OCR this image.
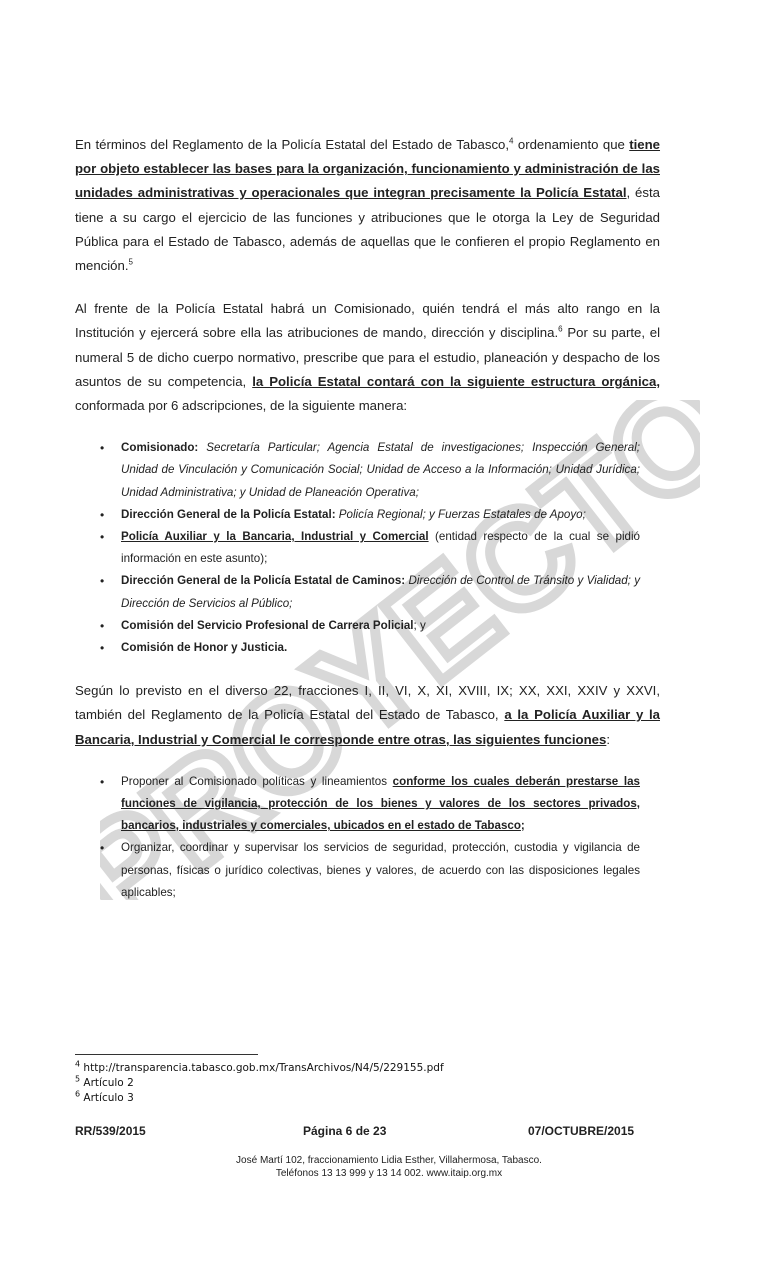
PROYECTO

En términos del Reglamento de la Policía Estatal del Estado de Tabasco,$^4$ ordenamiento que tiene por objeto establecer las bases para la organización, funcionamiento y administración de las unidades administrativas y operacionales que integran precisamente la Policía Estatal, ésta tiene a su cargo el ejercicio de las funciones y atribuciones que le otorga la Ley de Seguridad Pública para el Estado de Tabasco, además de aquellas que le confieren el propio Reglamento en mención.$^5$

Al frente de la Policía Estatal habrá un Comisionado, quién tendrá el más alto rango en la Institución y ejercerá sobre ella las atribuciones de mando, dirección y disciplina.$^6$ Por su parte, el numeral 5 de dicho cuerpo normativo, prescribe que para el estudio, planeación y despacho de los asuntos de su competencia, la Policía Estatal contará con la siguiente estructura orgánica, conformada por 6 adscripciones, de la siguiente manera:

• Comisionado: Secretaría Particular; Agencia Estatal de investigaciones; Inspección General; Unidad de Vinculación y Comunicación Social; Unidad de Acceso a la Información; Unidad Jurídica; Unidad Administrativa; y Unidad de Planeación Operativa;
• Dirección General de la Policía Estatal: Policía Regional; y Fuerzas Estatales de Apoyo;
• Policía Auxiliar y la Bancaria, Industrial y Comercial (entidad respecto de la cual se pidió información en este asunto);
• Dirección General de la Policía Estatal de Caminos: Dirección de Control de Tránsito y Vialidad; y Dirección de Servicios al Público;
• Comisión del Servicio Profesional de Carrera Policial; y
• Comisión de Honor y Justicia.

Según lo previsto en el diverso 22, fracciones I, II, VI, X, XI, XVIII, IX; XX, XXI, XXIV y XXVI, también del Reglamento de la Policía Estatal del Estado de Tabasco, a la Policía Auxiliar y la Bancaria, Industrial y Comercial le corresponde entre otras, las siguientes funciones:

• Proponer al Comisionado políticas y lineamientos conforme los cuales deberán prestarse las funciones de vigilancia, protección de los bienes y valores de los sectores privados, bancarios, industriales y comerciales, ubicados en el estado de Tabasco;
• Organizar, coordinar y supervisar los servicios de seguridad, protección, custodia y vigilancia de personas, físicas o jurídico colectivas, bienes y valores, de acuerdo con las disposiciones legales aplicables;
$^4$ http://transparencia.tabasco.gob.mx/TransArchivos/N4/5/229155.pdf
$^5$ Artículo 2
$^6$ Artículo 3
RR/539/2015	Página 6 de 23	07/OCTUBRE/2015
José Martí 102, fraccionamiento Lidia Esther, Villahermosa, Tabasco.
Teléfonos 13 13 999 y 13 14 002. www.itaip.org.mx
